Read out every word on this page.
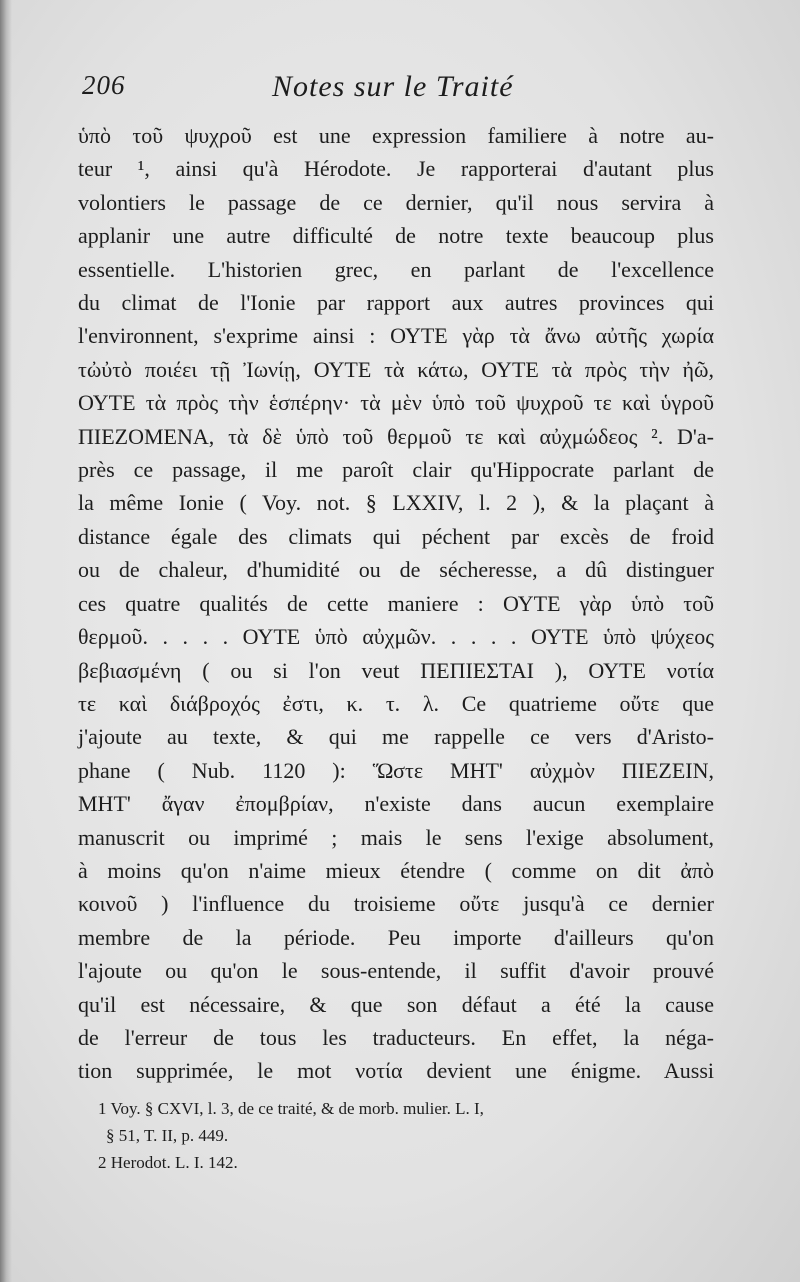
206	Notes sur le Traité
ὑπὸ τοῦ ψυχροῦ est une expression familiere à notre au-
teur ¹, ainsi qu'à Hérodote. Je rapporterai d'autant plus
volontiers le passage de ce dernier, qu'il nous servira à
applanir une autre difficulté de notre texte beaucoup plus
essentielle. L'historien grec, en parlant de l'excellence
du climat de l'Ionie par rapport aux autres provinces qui
l'environnent, s'exprime ainsi : ΟΥΤΕ γὰρ τὰ ἄνω αὐτῆς χωρία
τὠὐτὸ ποιέει τῇ Ἰωνίῃ, ΟΥΤΕ τὰ κάτω, ΟΥΤΕ τὰ πρὸς τὴν ἠῶ,
ΟΥΤΕ τὰ πρὸς τὴν ἑσπέρην· τὰ μὲν ὑπὸ τοῦ ψυχροῦ τε καὶ ὑγροῦ
ΠΙΕΖΟΜΕΝΑ, τὰ δὲ ὑπὸ τοῦ θερμοῦ τε καὶ αὐχμώδεος ². D'a-
près ce passage, il me paroît clair qu'Hippocrate parlant de
la même Ionie ( Voy. not. § LXXIV, l. 2 ), & la plaçant à
distance égale des climats qui péchent par excès de froid
ou de chaleur, d'humidité ou de sécheresse, a dû distinguer
ces quatre qualités de cette maniere : ΟΥΤΕ γὰρ ὑπὸ τοῦ
θερμοῦ. . . . . ΟΥΤΕ ὑπὸ αὐχμῶν. . . . . ΟΥΤΕ ὑπὸ ψύχεος
βεβιασμένη ( ou si l'on veut ΠΕΠΙΕΣΤΑΙ ), ΟΥΤΕ νοτία
τε καὶ διάβροχός ἐστι, κ. τ. λ. Ce quatrieme οὔτε que
j'ajoute au texte, & qui me rappelle ce vers d'Aristo-
phane ( Nub. 1120 ): Ὥστε ΜΗΤ' αὐχμὸν ΠΙΕΖΕΙΝ,
ΜΗΤ' ἄγαν ἐπομβρίαν, n'existe dans aucun exemplaire
manuscrit ou imprimé ; mais le sens l'exige absolument,
à moins qu'on n'aime mieux étendre ( comme on dit ἀπὸ
κοινοῦ ) l'influence du troisieme οὔτε jusqu'à ce dernier
membre de la période. Peu importe d'ailleurs qu'on
l'ajoute ou qu'on le sous-entende, il suffit d'avoir prouvé
qu'il est nécessaire, & que son défaut a été la cause
de l'erreur de tous les traducteurs. En effet, la néga-
tion supprimée, le mot νοτία devient une énigme. Aussi
1 Voy. § CXVI, l. 3, de ce traité, & de morb. mulier. L. I,
§ 51, T. II, p. 449.
2 Herodot. L. I. 142.
